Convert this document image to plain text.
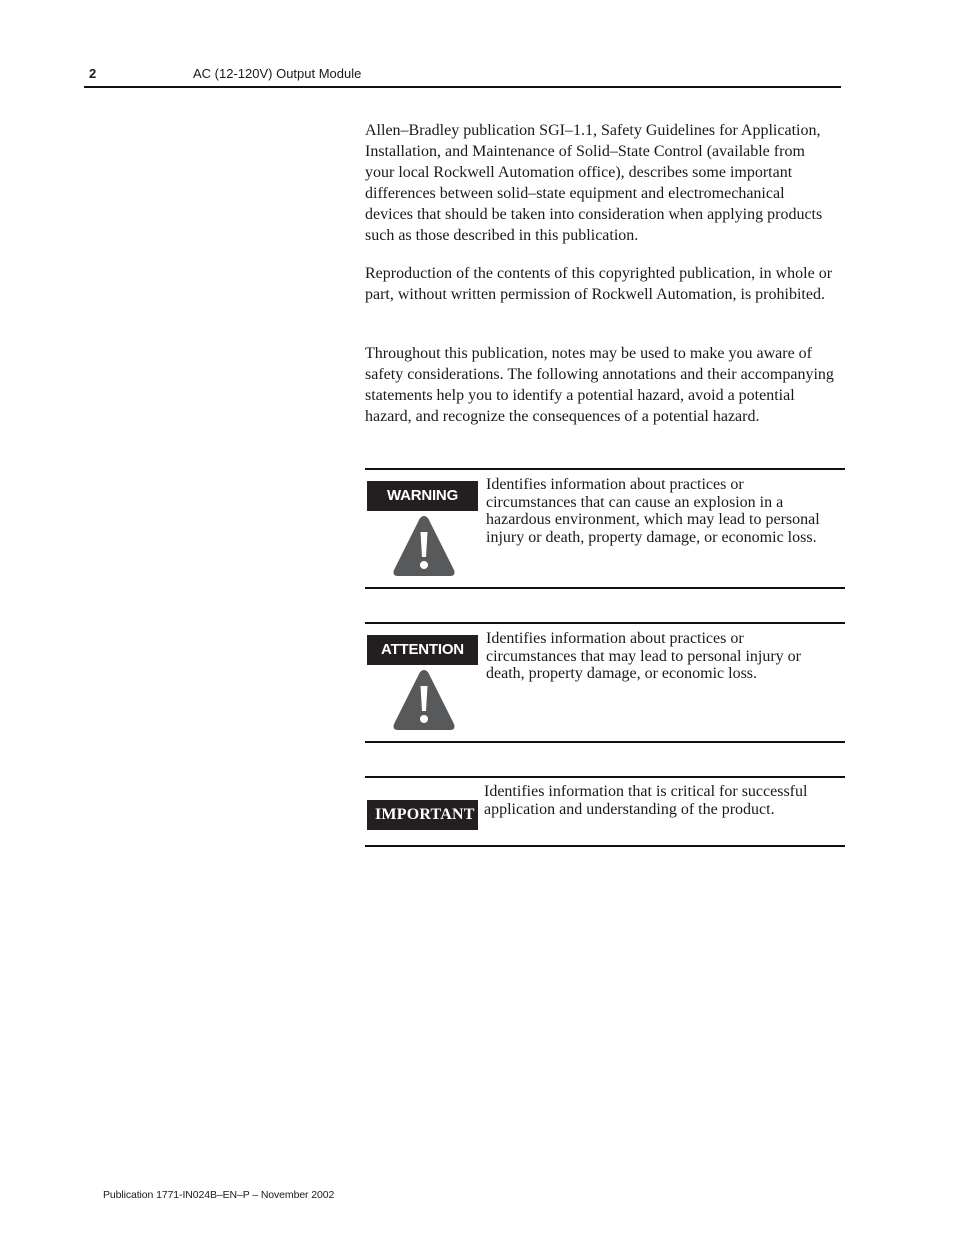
2	AC (12-120V) Output Module

Allen–Bradley publication SGI–1.1, Safety Guidelines for Application, Installation, and Maintenance of Solid–State Control (available from your local Rockwell Automation office), describes some important differences between solid–state equipment and electromechanical devices that should be taken into consideration when applying products such as those described in this publication.

Reproduction of the contents of this copyrighted publication, in whole or part, without written permission of Rockwell Automation, is prohibited.

Throughout this publication, notes may be used to make you aware of safety considerations. The following annotations and their accompanying statements help you to identify a potential hazard, avoid a potential hazard, and recognize the consequences of a potential hazard.

WARNING

Identifies information about practices or circumstances that can cause an explosion in a hazardous environment, which may lead to personal injury or death, property damage, or economic loss.

ATTENTION

Identifies information about practices or circumstances that may lead to personal injury or death, property damage, or economic loss.

IMPORTANT

Identifies information that is critical for successful application and understanding of the product.

Publication 1771-IN024B–EN–P – November 2002
